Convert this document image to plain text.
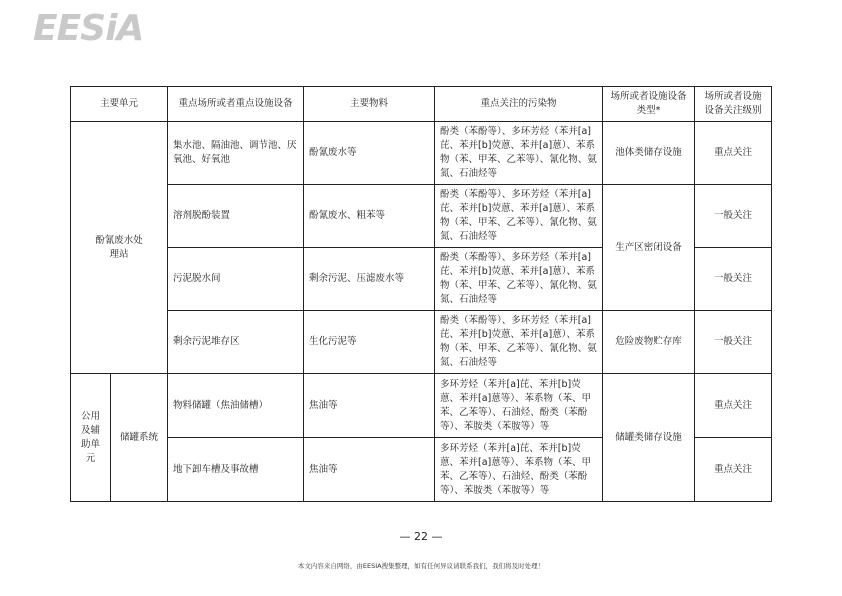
EESiA
主要单元		重点场所或者重点设施设备	主要物料	重点关注的污染物	场所或者设施设备类型*	场所或者设施设备关注级别
酚氰废水处理站		集水池、隔油池、调节池、厌氧池、好氧池	酚氰废水等	酚类（苯酚等）、多环芳烃（苯并[a]芘、苯并[b]荧蒽、苯并[a]蒽）、苯系物（苯、甲苯、乙苯等）、氰化物、氨氮、石油烃等	池体类储存设施	重点关注
		溶剂脱酚装置	酚氰废水、粗苯等	酚类（苯酚等）、多环芳烃（苯并[a]芘、苯并[b]荧蒽、苯并[a]蒽）、苯系物（苯、甲苯、乙苯等）、氰化物、氨氮、石油烃等	生产区密闭设备	一般关注
		污泥脱水间	剩余污泥、压滤废水等	酚类（苯酚等）、多环芳烃（苯并[a]芘、苯并[b]荧蒽、苯并[a]蒽）、苯系物（苯、甲苯、乙苯等）、氰化物、氨氮、石油烃等		一般关注
		剩余污泥堆存区	生化污泥等	酚类（苯酚等）、多环芳烃（苯并[a]芘、苯并[b]荧蒽、苯并[a]蒽）、苯系物（苯、甲苯、乙苯等）、氰化物、氨氮、石油烃等	危险废物贮存库	一般关注
公用及辅助单元	储罐系统	物料储罐（焦油储槽）	焦油等	多环芳烃（苯并[a]芘、苯并[b]荧蒽、苯并[a]蒽等）、苯系物（苯、甲苯、乙苯等）、石油烃、酚类（苯酚等）、苯胺类（苯胺等）等	储罐类储存设施	重点关注
		地下卸车槽及事故槽	焦油等	多环芳烃（苯并[a]芘、苯并[b]荧蒽、苯并[a]蒽等）、苯系物（苯、甲苯、乙苯等）、石油烃、酚类（苯酚等）、苯胺类（苯胺等）等		重点关注
— 22 —
本文内容来自网络，由EESIA搜集整理，如有任何异议请联系我们，我们将及时处理！
